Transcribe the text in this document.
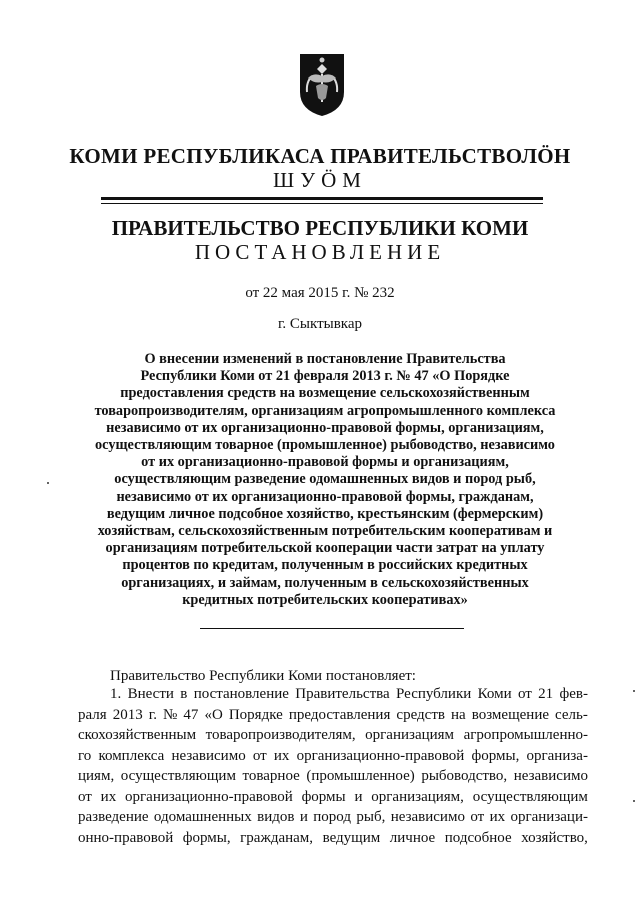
КОМИ РЕСПУБЛИКАСА ПРАВИТЕЛЬСТВОЛӦН
ШУӦМ
ПРАВИТЕЛЬСТВО РЕСПУБЛИКИ КОМИ
ПОСТАНОВЛЕНИЕ
от 22 мая 2015 г. № 232
г. Сыктывкар
О внесении изменений в постановление Правительства
Республики Коми от 21 февраля 2013 г. № 47 «О Порядке
предоставления средств на возмещение сельскохозяйственным
товаропроизводителям, организациям агропромышленного комплекса
независимо от их организационно-правовой формы, организациям,
осуществляющим товарное (промышленное) рыбоводство, независимо
от их организационно-правовой формы и организациям,
осуществляющим разведение одомашненных видов и пород рыб,
независимо от их организационно-правовой формы, гражданам,
ведущим личное подсобное хозяйство, крестьянским (фермерским)
хозяйствам, сельскохозяйственным потребительским кооперативам и
организациям потребительской кооперации части затрат на уплату
процентов по кредитам, полученным в российских кредитных
организациях, и займам, полученным в сельскохозяйственных
кредитных потребительских кооперативах»
Правительство Республики Коми постановляет:
1. Внести в постановление Правительства Республики Коми от 21 фев-
раля 2013 г. № 47 «О Порядке предоставления средств на возмещение сель-
скохозяйственным товаропроизводителям, организациям агропромышленно-
го комплекса независимо от их организационно-правовой формы, организа-
циям, осуществляющим товарное (промышленное) рыбоводство, независимо
от их организационно-правовой формы и организациям, осуществляющим
разведение одомашненных видов и пород рыб, независимо от их организаци-
онно-правовой формы, гражданам, ведущим личное подсобное хозяйство,
